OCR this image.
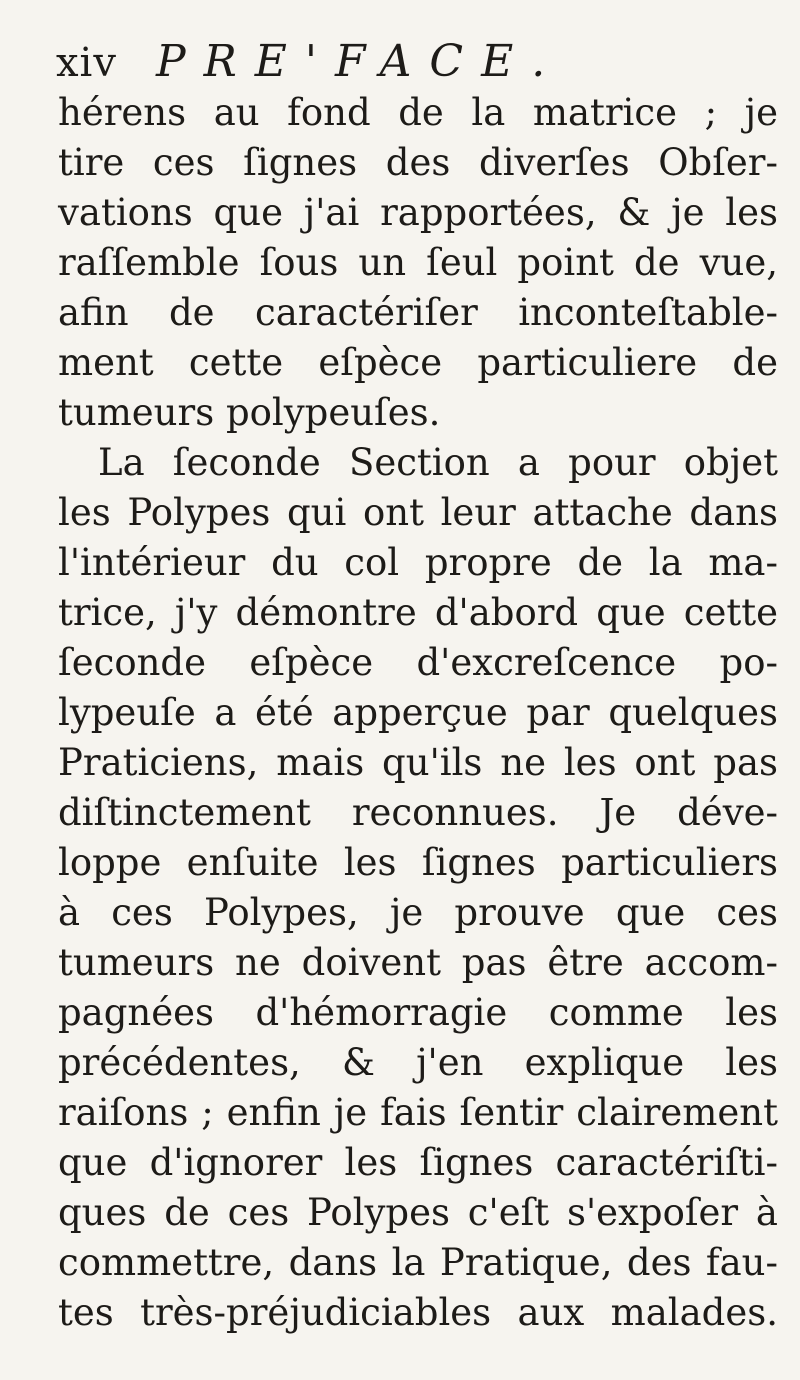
xiv PRE'FACE.
hérens au fond de la matrice ; je
tire ces ſignes des diverſes Obſer-
vations que j'ai rapportées, & je les
raſſemble ſous un ſeul point de vue,
afin de caractériſer inconteſtable-
ment cette eſpèce particuliere de
tumeurs polypeuſes.
La ſeconde Section a pour objet
les Polypes qui ont leur attache dans
l'intérieur du col propre de la ma-
trice, j'y démontre d'abord que cette
ſeconde eſpèce d'excreſcence po-
lypeuſe a été apperçue par quelques
Praticiens, mais qu'ils ne les ont pas
diſtinctement reconnues. Je déve-
loppe enſuite les ſignes particuliers
à ces Polypes, je prouve que ces
tumeurs ne doivent pas être accom-
pagnées d'hémorragie comme les
précédentes, & j'en explique les
raiſons ; enfin je fais ſentir clairement
que d'ignorer les ſignes caractériſti-
ques de ces Polypes c'eſt s'expoſer à
commettre, dans la Pratique, des fau-
tes très-préjudiciables aux malades.
